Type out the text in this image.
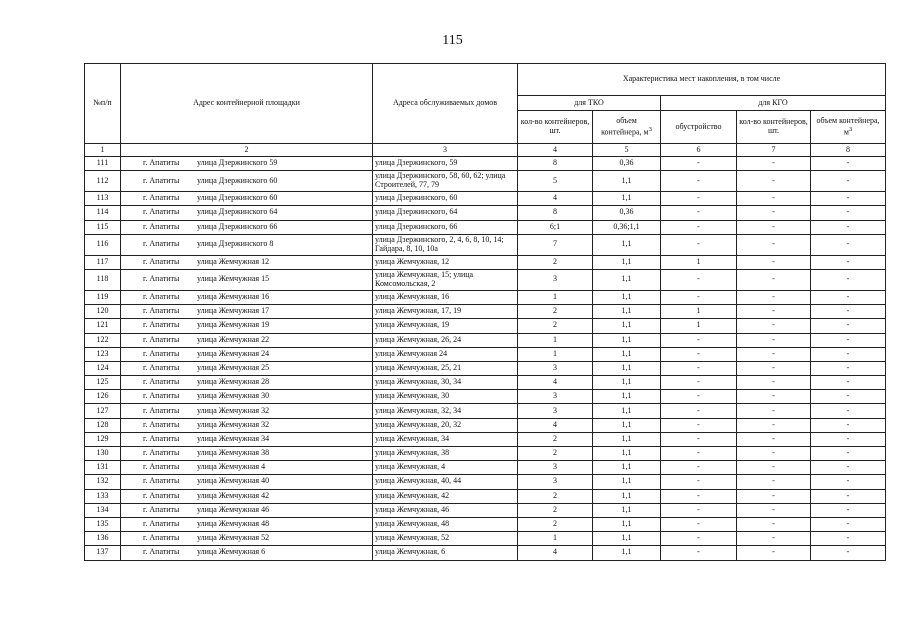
115
№п/п	Адрес контейнерной площадки	Адреса обслуживаемых домов	Характеристика мест накопления, в том числе				
			для ТКО		для КГО		
			кол-во контейнеров, шт.	объем контейнера, $м^3$	обустройство	кол-во контейнеров, шт.	объем контейнера, $м^3$
1	2	3	4	5	6	7	8
111	г. Апатиты улица Дзержинского 59	улица Дзержинского, 59	8	0,36	-	-	-
112	г. Апатиты улица Дзержинского 60	улица Дзержинского, 58, 60, 62; улица Строителей, 77, 79	5	1,1	-	-	-
113	г. Апатиты улица Дзержинского 60	улица Дзержинского, 60	4	1,1	-	-	-
114	г. Апатиты улица Дзержинского 64	улица Дзержинского, 64	8	0,36	-	-	-
115	г. Апатиты улица Дзержинского 66	улица Дзержинского, 66	6;1	0,36;1,1	-	-	-
116	г. Апатиты улица Дзержинского 8	улица Дзержинского, 2, 4, 6, 8, 10, 14; Гайдара, 8, 10, 10а	7	1,1	-	-	-
117	г. Апатиты улица Жемчужная 12	улица Жемчужная, 12	2	1,1	1	-	-
118	г. Апатиты улица Жемчужная 15	улица Жемчужная, 15; улица Комсомольская, 2	3	1,1	-	-	-
119	г. Апатиты улица Жемчужная 16	улица Жемчужная, 16	1	1,1	-	-	-
120	г. Апатиты улица Жемчужная 17	улица Жемчужная, 17, 19	2	1,1	1	-	-
121	г. Апатиты улица Жемчужная 19	улица Жемчужная, 19	2	1,1	1	-	-
122	г. Апатиты улица Жемчужная 22	улица Жемчужная, 26, 24	1	1,1	-	-	-
123	г. Апатиты улица Жемчужная 24	улица Жемчужная 24	1	1,1	-	-	-
124	г. Апатиты улица Жемчужная 25	улица Жемчужная, 25, 21	3	1,1	-	-	-
125	г. Апатиты улица Жемчужная 28	улица Жемчужная, 30, 34	4	1,1	-	-	-
126	г. Апатиты улица Жемчужная 30	улица Жемчужная, 30	3	1,1	-	-	-
127	г. Апатиты улица Жемчужная 32	улица Жемчужная, 32, 34	3	1,1	-	-	-
128	г. Апатиты улица Жемчужная 32	улица Жемчужная, 20, 32	4	1,1	-	-	-
129	г. Апатиты улица Жемчужная 34	улица Жемчужная, 34	2	1,1	-	-	-
130	г. Апатиты улица Жемчужная 38	улица Жемчужная, 38	2	1,1	-	-	-
131	г. Апатиты улица Жемчужная 4	улица Жемчужная, 4	3	1,1	-	-	-
132	г. Апатиты улица Жемчужная 40	улица Жемчужная, 40, 44	3	1,1	-	-	-
133	г. Апатиты улица Жемчужная 42	улица Жемчужная, 42	2	1,1	-	-	-
134	г. Апатиты улица Жемчужная 46	улица Жемчужная, 46	2	1,1	-	-	-
135	г. Апатиты улица Жемчужная 48	улица Жемчужная, 48	2	1,1	-	-	-
136	г. Апатиты улица Жемчужная 52	улица Жемчужная, 52	1	1,1	-	-	-
137	г. Апатиты улица Жемчужная 6	улица Жемчужная, 6	4	1,1	-	-	-
